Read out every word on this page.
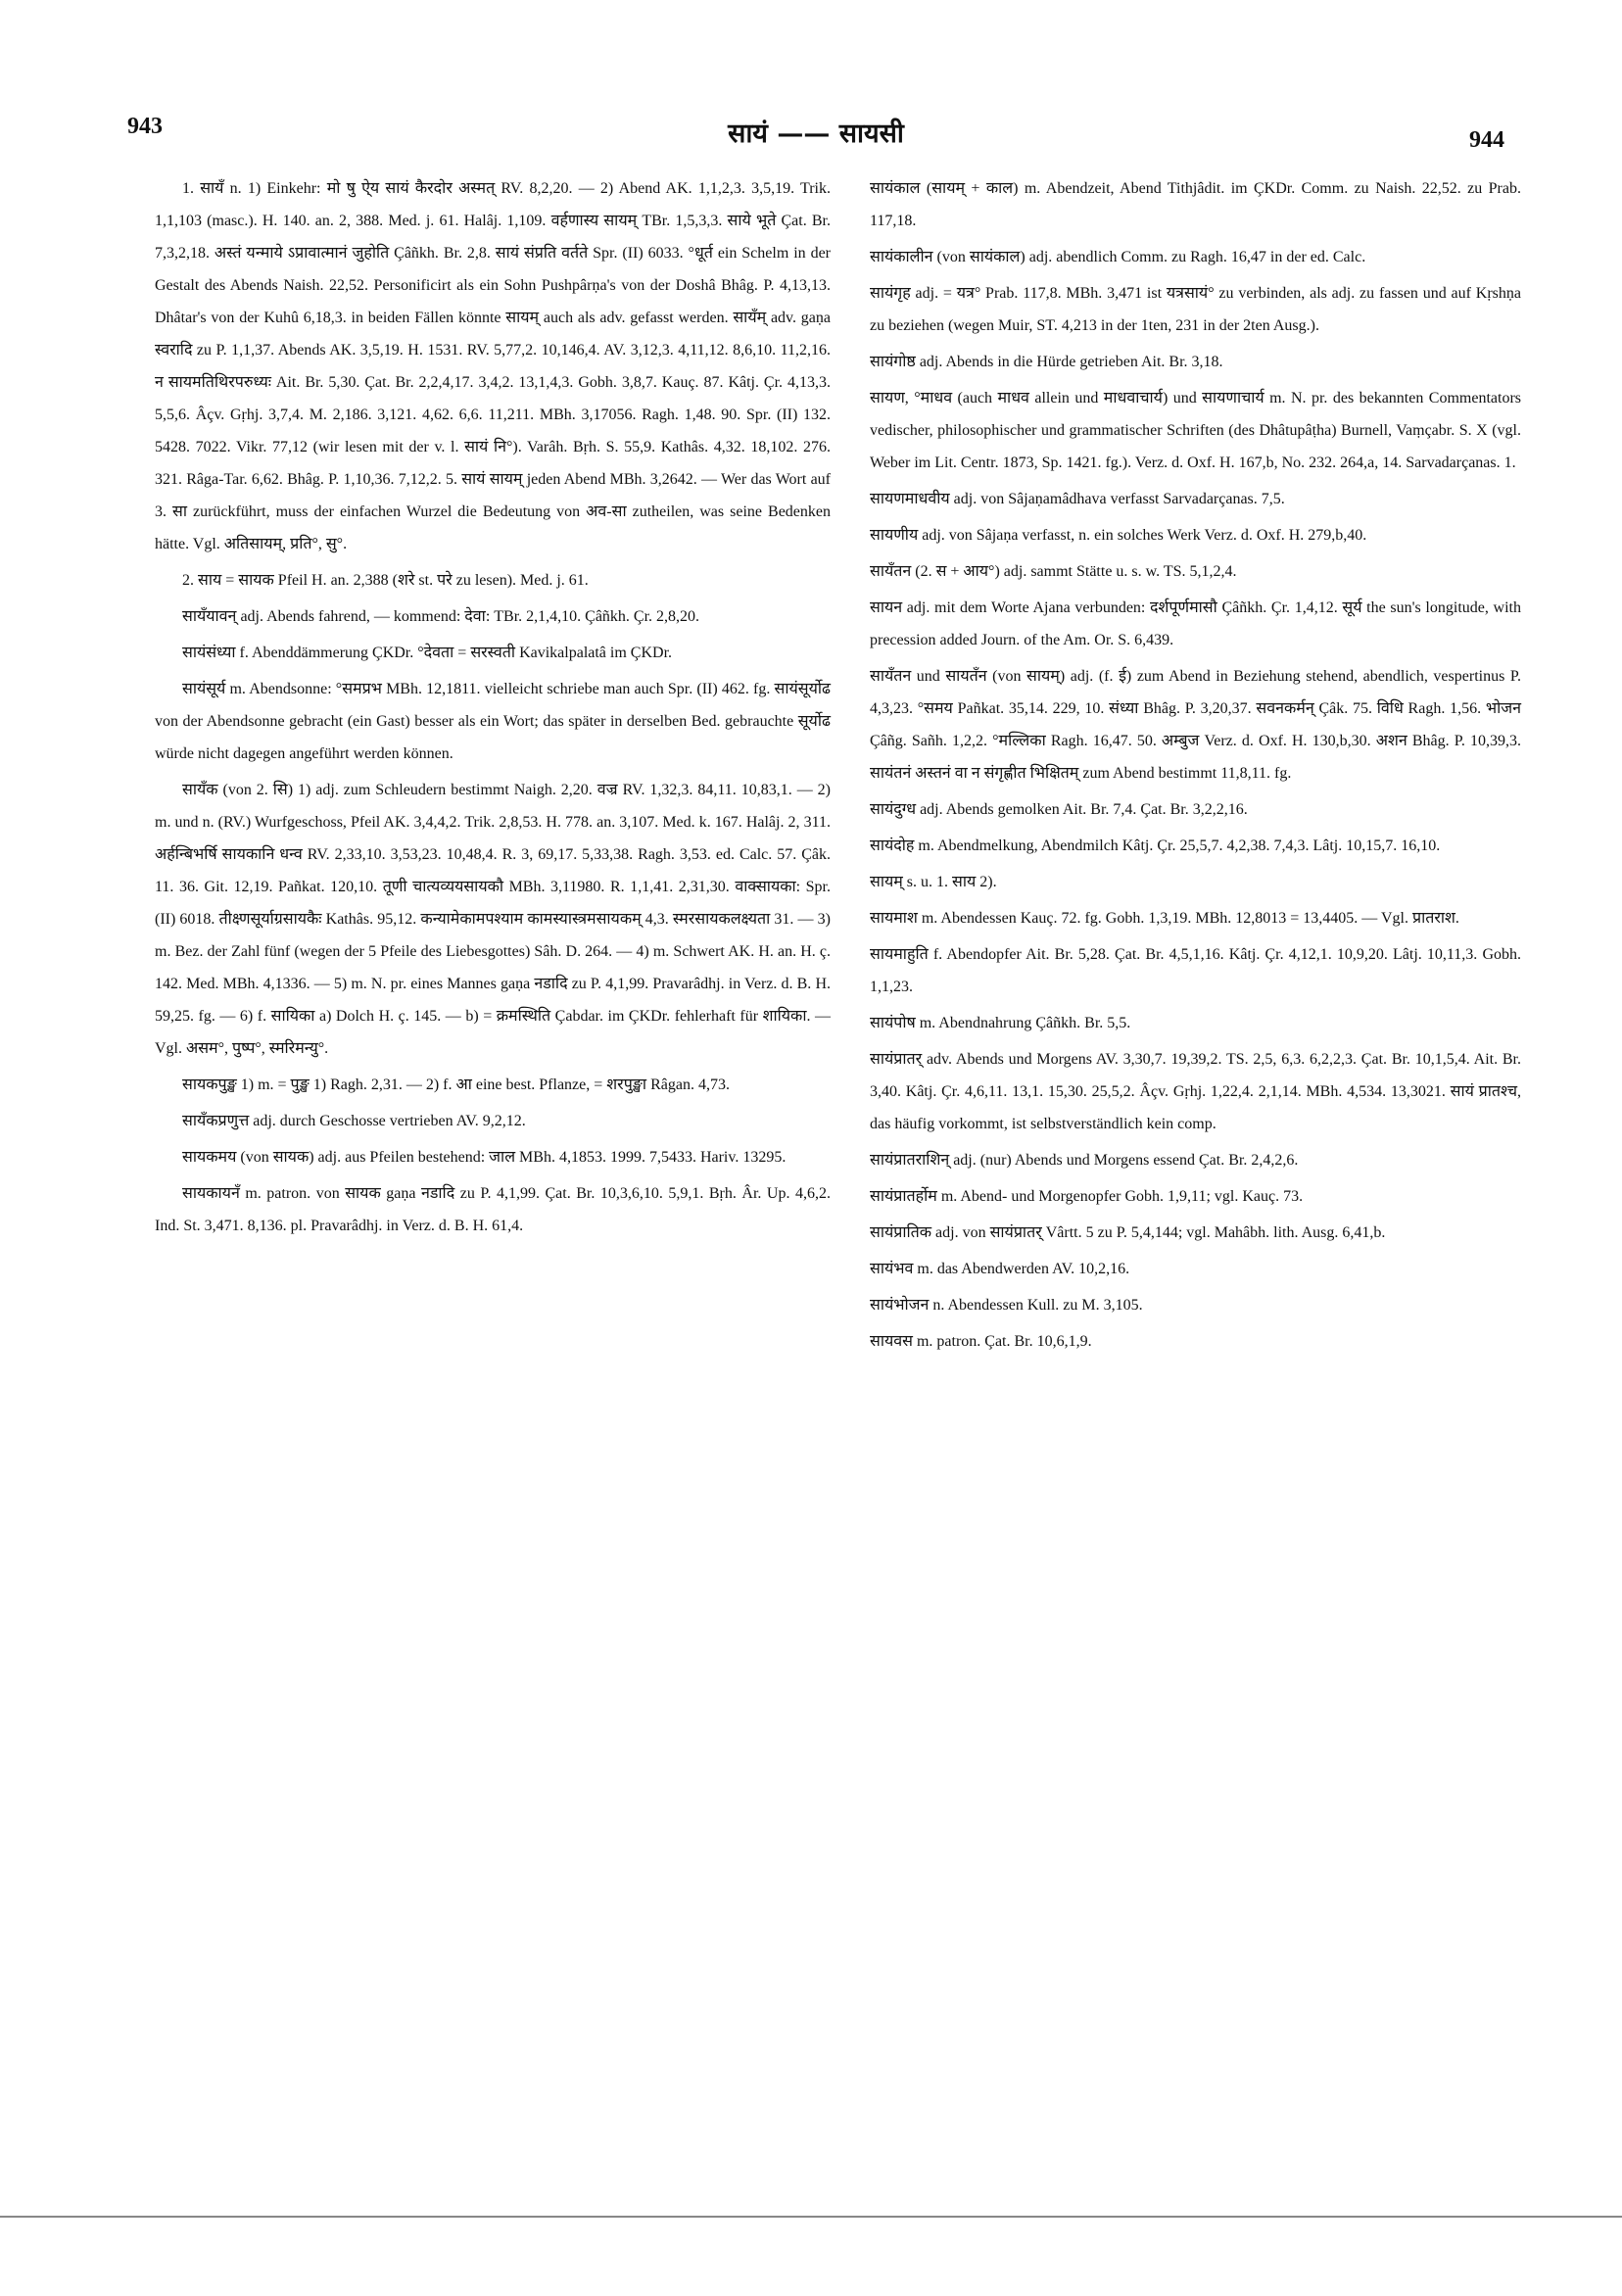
943	सायं —— सायसी	944

1. सायँ n. 1) Einkehr: मो षु ऐ्य सायं कैरदाेर अस्मत् RV. 8,2,20. — 2) Abend AK. 1,1,2,3. 3,5,19. Trik. 1,1,103 (masc.). H. 140. an. 2, 388. Med. j. 61. Halâj. 1,109. वर्हणास्य सायम् TBr. 1,5,3,3. साये भूते Çat. Br. 7,3,2,18. अस्तं यन्माये ऽप्रावात्मानं जुहोति Çâñkh. Br. 2,8. सायं संप्रति वर्तते Spr. (II) 6033. °धूर्त ein Schelm in der Gestalt des Abends Naish. 22,52. Personificirt als ein Sohn Pushpârṇa's von der Doshâ Bhâg. P. 4,13,13. Dhâtar's von der Kuhû 6,18,3. in beiden Fällen könnte सायम् auch als adv. gefasst werden. सायँम् adv. gaṇa स्वरादि zu P. 1,1,37. Abends AK. 3,5,19. H. 1531. RV. 5,77,2. 10,146,4. AV. 3,12,3. 4,11,12. 8,6,10. 11,2,16. न सायमतिथिरपरुध्यः Ait. Br. 5,30. Çat. Br. 2,2,4,17. 3,4,2. 13,1,4,3. Gobh. 3,8,7. Kauç. 87. Kâtj. Çr. 4,13,3. 5,5,6. Âçv. Gṛhj. 3,7,4. M. 2,186. 3,121. 4,62. 6,6. 11,211. MBh. 3,17056. Ragh. 1,48. 90. Spr. (II) 132. 5428. 7022. Vikr. 77,12 (wir lesen mit der v. l. सायं नि°). Varâh. Bṛh. S. 55,9. Kathâs. 4,32. 18,102. 276. 321. Râga-Tar. 6,62. Bhâg. P. 1,10,36. 7,12,2. 5. सायं सायम् jeden Abend MBh. 3,2642. — Wer das Wort auf 3. सा zurückführt, muss der einfachen Wurzel die Bedeutung von अव-सा zutheilen, was seine Bedenken hätte. Vgl. अतिसायम्, प्रति°, सु°.

2. साय = सायक Pfeil H. an. 2,388 (शरे st. परे zu lesen). Med. j. 61.

सायँयावन् adj. Abends fahrend, — kommend: देवा: TBr. 2,1,4,10. Çâñkh. Çr. 2,8,20.

सायंसंध्या f. Abenddämmerung ÇKDr. °देवता = सरस्वती Kavikalpalatâ im ÇKDr.

सायंसूर्य m. Abendsonne: °समप्रभ MBh. 12,1811. vielleicht schriebe man auch Spr. (II) 462. fg. सायंसूर्योढ von der Abendsonne gebracht (ein Gast) besser als ein Wort; das später in derselben Bed. gebrauchte सूर्योढ würde nicht dagegen angeführt werden können.

सायँक (von 2. सि) 1) adj. zum Schleudern bestimmt Naigh. 2,20. वज्र RV. 1,32,3. 84,11. 10,83,1. — 2) m. und n. (RV.) Wurfgeschoss, Pfeil AK. 3,4,4,2. Trik. 2,8,53. H. 778. an. 3,107. Med. k. 167. Halâj. 2, 311. अर्हन्बिभर्षि सायकानि धन्व RV. 2,33,10. 3,53,23. 10,48,4. R. 3, 69,17. 5,33,38. Ragh. 3,53. ed. Calc. 57. Çâk. 11. 36. Git. 12,19. Pañkat. 120,10. तूणी चात्यव्ययसायकौ MBh. 3,11980. R. 1,1,41. 2,31,30. वाक्सायका: Spr. (II) 6018. तीक्ष्णसूर्याग्रसायकैः Kathâs. 95,12. कन्यामेकामपश्याम कामस्यास्त्रमसायकम् 4,3. स्मरसायकलक्ष्यता 31. — 3) m. Bez. der Zahl fünf (wegen der 5 Pfeile des Liebesgottes) Sâh. D. 264. — 4) m. Schwert AK. H. an. H. ç. 142. Med. MBh. 4,1336. — 5) m. N. pr. eines Mannes gaṇa नडादि zu P. 4,1,99. Pravarâdhj. in Verz. d. B. H. 59,25. fg. — 6) f. सायिका a) Dolch H. ç. 145. — b) = क्रमस्थिति Çabdar. im ÇKDr. fehlerhaft für शायिका. — Vgl. असम°, पुष्प°, स्मरिमन्यु°.

सायकपुङ्ख 1) m. = पुङ्ख 1) Ragh. 2,31. — 2) f. आ eine best. Pflanze, = शरपुङ्खा Râgan. 4,73.

सायँकप्रणुत्त adj. durch Geschosse vertrieben AV. 9,2,12.

सायकमय (von सायक) adj. aus Pfeilen bestehend: जाल MBh. 4,1853. 1999. 7,5433. Hariv. 13295.

सायकायनँ m. patron. von सायक gaṇa नडादि zu P. 4,1,99. Çat. Br. 10,3,6,10. 5,9,1. Bṛh. Âr. Up. 4,6,2. Ind. St. 3,471. 8,136. pl. Pravarâdhj. in Verz. d. B. H. 61,4.

सायंकाल (सायम् + काल) m. Abendzeit, Abend Tithjâdit. im ÇKDr. Comm. zu Naish. 22,52. zu Prab. 117,18.

सायंकालीन (von सायंकाल) adj. abendlich Comm. zu Ragh. 16,47 in der ed. Calc.

सायंगृह adj. = यत्र° Prab. 117,8. MBh. 3,471 ist यत्रसायं° zu verbinden, als adj. zu fassen und auf Kṛshṇa zu beziehen (wegen Muir, ST. 4,213 in der 1ten, 231 in der 2ten Ausg.).

सायंगोष्ठ adj. Abends in die Hürde getrieben Ait. Br. 3,18.

सायण, °माधव (auch माधव allein und माधवाचार्य) und सायणाचार्य m. N. pr. des bekannten Commentators vedischer, philosophischer und grammatischer Schriften (des Dhâtupâṭha) Burnell, Vaṃçabr. S. X (vgl. Weber im Lit. Centr. 1873, Sp. 1421. fg.). Verz. d. Oxf. H. 167,b, No. 232. 264,a, 14. Sarvadarçanas. 1.

सायणमाधवीय adj. von Sâjaṇamâdhava verfasst Sarvadarçanas. 7,5.

सायणीय adj. von Sâjaṇa verfasst, n. ein solches Werk Verz. d. Oxf. H. 279,b,40.

सायँतन (2. स + आय°) adj. sammt Stätte u. s. w. TS. 5,1,2,4.

सायन adj. mit dem Worte Ajana verbunden: दर्शपूर्णमासौ Çâñkh. Çr. 1,4,12. सूर्य the sun's longitude, with precession added Journ. of the Am. Or. S. 6,439.

सायँतन und सायतँन (von सायम्) adj. (f. ई) zum Abend in Beziehung stehend, abendlich, vespertinus P. 4,3,23. °समय Pañkat. 35,14. 229, 10. संध्या Bhâg. P. 3,20,37. सवनकर्मन् Çâk. 75. विधि Ragh. 1,56. भोजन Çâñg. Sañh. 1,2,2. °मल्लिका Ragh. 16,47. 50. अम्बुज Verz. d. Oxf. H. 130,b,30. अशन Bhâg. P. 10,39,3. सायंतनं अस्तनं वा न संगृह्णीत भिक्षितम् zum Abend bestimmt 11,8,11. fg.

सायंदुग्ध adj. Abends gemolken Ait. Br. 7,4. Çat. Br. 3,2,2,16.

सायंदोह m. Abendmelkung, Abendmilch Kâtj. Çr. 25,5,7. 4,2,38. 7,4,3. Lâtj. 10,15,7. 16,10.

सायम् s. u. 1. साय 2).

सायमाश m. Abendessen Kauç. 72. fg. Gobh. 1,3,19. MBh. 12,8013 = 13,4405. — Vgl. प्रातराश.

सायमाहुति f. Abendopfer Ait. Br. 5,28. Çat. Br. 4,5,1,16. Kâtj. Çr. 4,12,1. 10,9,20. Lâtj. 10,11,3. Gobh. 1,1,23.

सायंपोष m. Abendnahrung Çâñkh. Br. 5,5.

सायंप्रातर् adv. Abends und Morgens AV. 3,30,7. 19,39,2. TS. 2,5, 6,3. 6,2,2,3. Çat. Br. 10,1,5,4. Ait. Br. 3,40. Kâtj. Çr. 4,6,11. 13,1. 15,30. 25,5,2. Âçv. Gṛhj. 1,22,4. 2,1,14. MBh. 4,534. 13,3021. सायं प्रातश्च, das häufig vorkommt, ist selbstverständlich kein comp.

सायंप्रातराशिन् adj. (nur) Abends und Morgens essend Çat. Br. 2,4,2,6.

सायंप्रातर्होम m. Abend- und Morgenopfer Gobh. 1,9,11; vgl. Kauç. 73.

सायंप्रातिक adj. von सायंप्रातर् Vârtt. 5 zu P. 5,4,144; vgl. Mahâbh. lith. Ausg. 6,41,b.

सायंभव m. das Abendwerden AV. 10,2,16.

सायंभोजन n. Abendessen Kull. zu M. 3,105.

सायवस m. patron. Çat. Br. 10,6,1,9.
